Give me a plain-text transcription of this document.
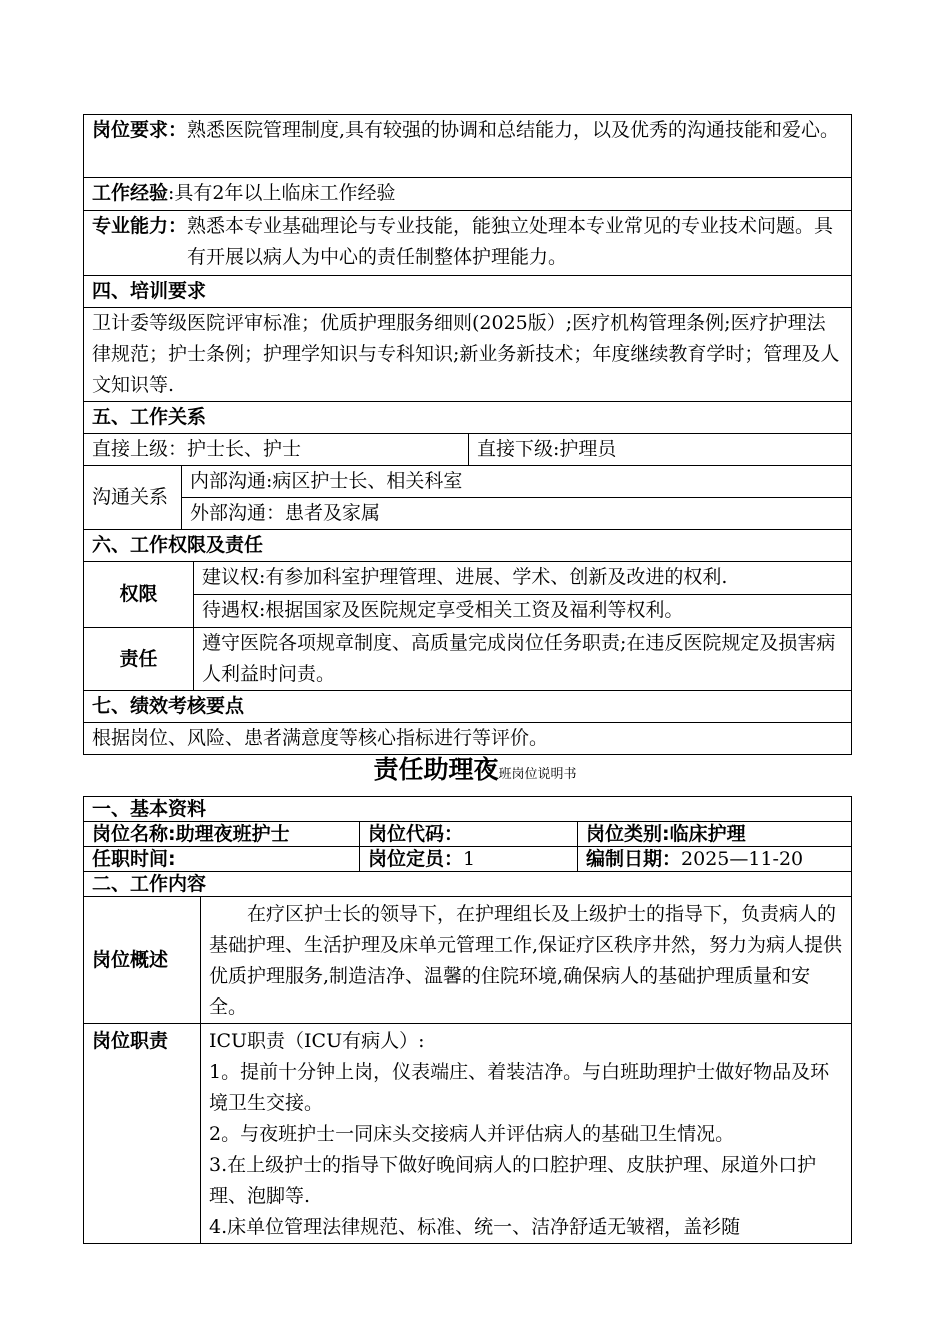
岗位要求： 熟悉医院管理制度,具有较强的协调和总结能力，以及优秀的沟通技能和爱心。			

工作经验:具有2年以上临床工作经验			

专业能力： 熟悉本专业基础理论与专业技能，能独立处理本专业常见的专业技术问题。具有开展以病人为中心的责任制整体护理能力。			

四、培训要求			
卫计委等级医院评审标准；优质护理服务细则(2025版）;医疗机构管理条例;医疗护理法律规范；护士条例；护理学知识与专科知识;新业务新技术；年度继续教育学时；管理及人文知识等.			
五、工作关系			
直接上级：护士长、护士			直接下级:护理员
沟通关系	内部沟通:病区护士长、相关科室		
	外部沟通：患者及家属		
六、工作权限及责任			
权限		建议权:有参加科室护理管理、进展、学术、创新及改进的权利.	
		待遇权:根据国家及医院规定享受相关工资及福利等权利。	
责任		遵守医院各项规章制度、高质量完成岗位任务职责;在违反医院规定及损害病人利益时问责。	
七、绩效考核要点			
根据岗位、风险、患者满意度等核心指标进行等评价。			
责任助理夜班岗位说明书
一、基本资料			
岗位名称:助理夜班护士		岗位代码：	岗位类别:临床护理
任职时间:		岗位定员：1	编制日期：2025—11-20
二、工作内容			
岗位概述	在疗区护士长的领导下，在护理组长及上级护士的指导下，负责病人的基础护理、生活护理及床单元管理工作,保证疗区秩序井然，努力为病人提供优质护理服务,制造洁净、温馨的住院环境,确保病人的基础护理质量和安全。		
岗位职责	ICU职责（ICU有病人）:
1。提前十分钟上岗，仪表端庄、着装洁净。与白班助理护士做好物品及环境卫生交接。
2。与夜班护士一同床头交接病人并评估病人的基础卫生情况。
3.在上级护士的指导下做好晚间病人的口腔护理、皮肤护理、尿道外口护理、泡脚等.
4.床单位管理法律规范、标准、统一、洁净舒适无皱褶，盖衫随		
